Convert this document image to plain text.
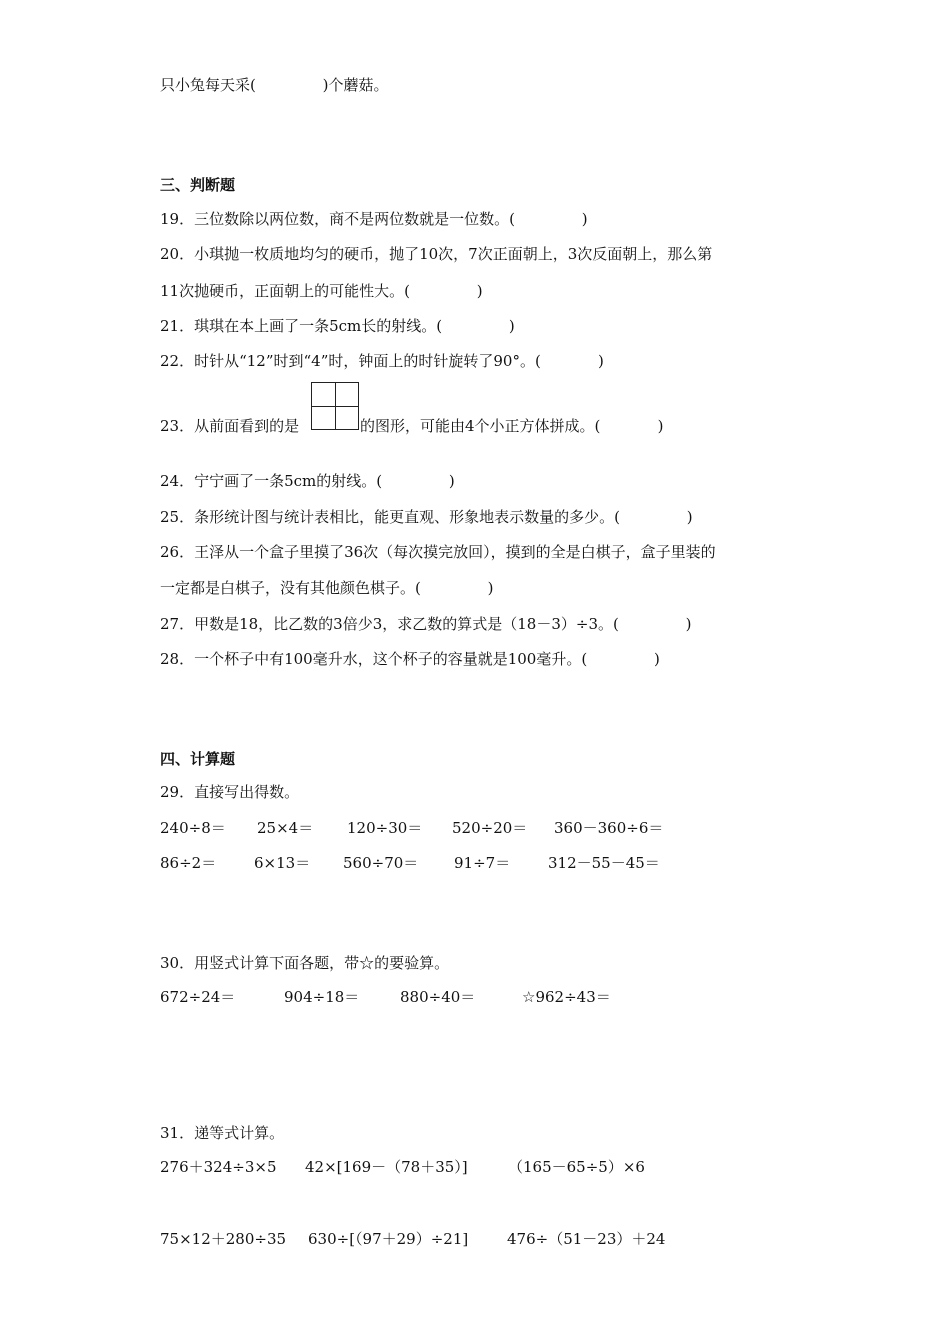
只小兔每天采(              )个蘑菇。
三、判断题
19．三位数除以两位数，商不是两位数就是一位数。(              )
20．小琪抛一枚质地均匀的硬币，抛了10次，7次正面朝上，3次反面朝上，那么第
11次抛硬币，正面朝上的可能性大。(              )
21．琪琪在本上画了一条5cm长的射线。(              )
22．时针从“12”时到“4”时，钟面上的时针旋转了90°。(            )
23．从前面看到的是	的图形，可能由4个小正方体拼成。(            )
24．宁宁画了一条5cm的射线。(              )
25．条形统计图与统计表相比，能更直观、形象地表示数量的多少。(              )
26．王泽从一个盒子里摸了36次（每次摸完放回），摸到的全是白棋子，盒子里装的
一定都是白棋子，没有其他颜色棋子。(              )
27．甲数是18，比乙数的3倍少3，求乙数的算式是（18－3）÷3。(              )
28．一个杯子中有100毫升水，这个杯子的容量就是100毫升。(              )
四、计算题
29．直接写出得数。
240÷8＝ 25×4＝ 120÷30＝ 520÷20＝ 360－360÷6＝
86÷2＝	6×13＝ 560÷70＝ 91÷7＝	312－55－45＝
30．用竖式计算下面各题，带☆的要验算。
672÷24＝	904÷18＝	880÷40＝	☆962÷43＝
31．递等式计算。
276＋324÷3×5 42×[169－（78＋35）]	（165－65÷5）×6
75×12＋280÷35 630÷[（97＋29）÷21]	476÷（51－23）＋24
